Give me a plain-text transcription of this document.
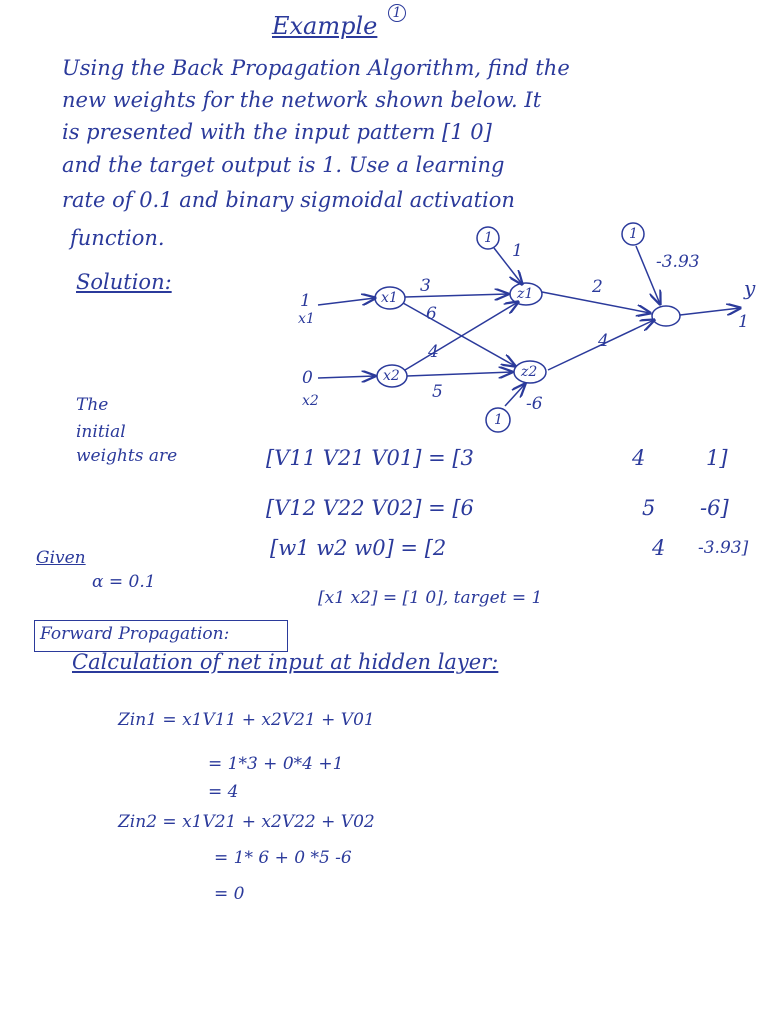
Example	1
Using the Back Propagation Algorithm, find the
new weights for the network shown below. It
is presented with the input pattern [1 0]
and the target output is 1. Use a learning
rate of 0.1 and binary sigmoidal activation
function.
Solution:
1
x1
0
x2
x1
x2
z1
z2
y
1
1
1
1
3
6
4
5
1
-6
2
4
-3.93
The
initial
weights are	[V11 V21 V01] = [3	4	1]
[V12 V22 V02] = [6	5 -6]
[w1 w2 w0] = [2	4 -3.93]
Given
α = 0.1
[x1 x2] = [1 0], target = 1
Forward Propagation:
Calculation of net input at hidden layer:
Zin1 = x1V11 + x2V21 + V01
= 1*3 + 0*4 +1
= 4
Zin2 = x1V21 + x2V22 + V02
= 1* 6 + 0 *5 -6
= 0
